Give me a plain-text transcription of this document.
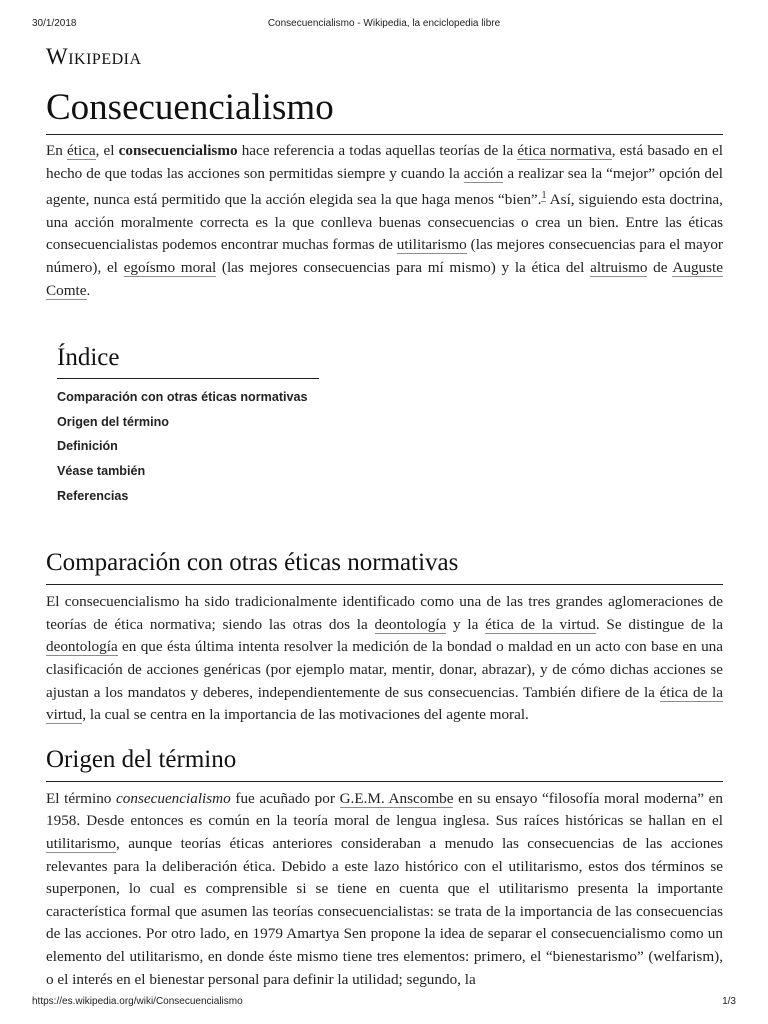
30/1/2018	Consecuencialismo - Wikipedia, la enciclopedia libre
Wikipedia
Consecuencialismo

En ética, el consecuencialismo hace referencia a todas aquellas teorías de la ética normativa, está basado en el hecho de que todas las acciones son permitidas siempre y cuando la acción a realizar sea la “mejor” opción del agente, nunca está permitido que la acción elegida sea la que haga menos “bien”.$^1$ Así, siguiendo esta doctrina, una acción moralmente correcta es la que conlleva buenas consecuencias o crea un bien. Entre las éticas consecuencialistas podemos encontrar muchas formas de utilitarismo (las mejores consecuencias para el mayor número), el egoísmo moral (las mejores consecuencias para mí mismo) y la ética del altruismo de Auguste Comte.

Índice
Comparación con otras éticas normativas
Origen del término
Definición
Véase también
Referencias
Comparación con otras éticas normativas

El consecuencialismo ha sido tradicionalmente identificado como una de las tres grandes aglomeraciones de teorías de ética normativa; siendo las otras dos la deontología y la ética de la virtud. Se distingue de la deontología en que ésta última intenta resolver la medición de la bondad o maldad en un acto con base en una clasificación de acciones genéricas (por ejemplo matar, mentir, donar, abrazar), y de cómo dichas acciones se ajustan a los mandatos y deberes, independientemente de sus consecuencias. También difiere de la ética de la virtud, la cual se centra en la importancia de las motivaciones del agente moral.

Origen del término

El término consecuencialismo fue acuñado por G.E.M. Anscombe en su ensayo “filosofía moral moderna” en 1958. Desde entonces es común en la teoría moral de lengua inglesa. Sus raíces históricas se hallan en el utilitarismo, aunque teorías éticas anteriores consideraban a menudo las consecuencias de las acciones relevantes para la deliberación ética. Debido a este lazo histórico con el utilitarismo, estos dos términos se superponen, lo cual es comprensible si se tiene en cuenta que el utilitarismo presenta la importante característica formal que asumen las teorías consecuencialistas: se trata de la importancia de las consecuencias de las acciones. Por otro lado, en 1979 Amartya Sen propone la idea de separar el consecuencialismo como un elemento del utilitarismo, en donde éste mismo tiene tres elementos: primero, el “bienestarismo” (welfarism), o el interés en el bienestar personal para definir la utilidad; segundo, la

https://es.wikipedia.org/wiki/Consecuencialismo	1/3
